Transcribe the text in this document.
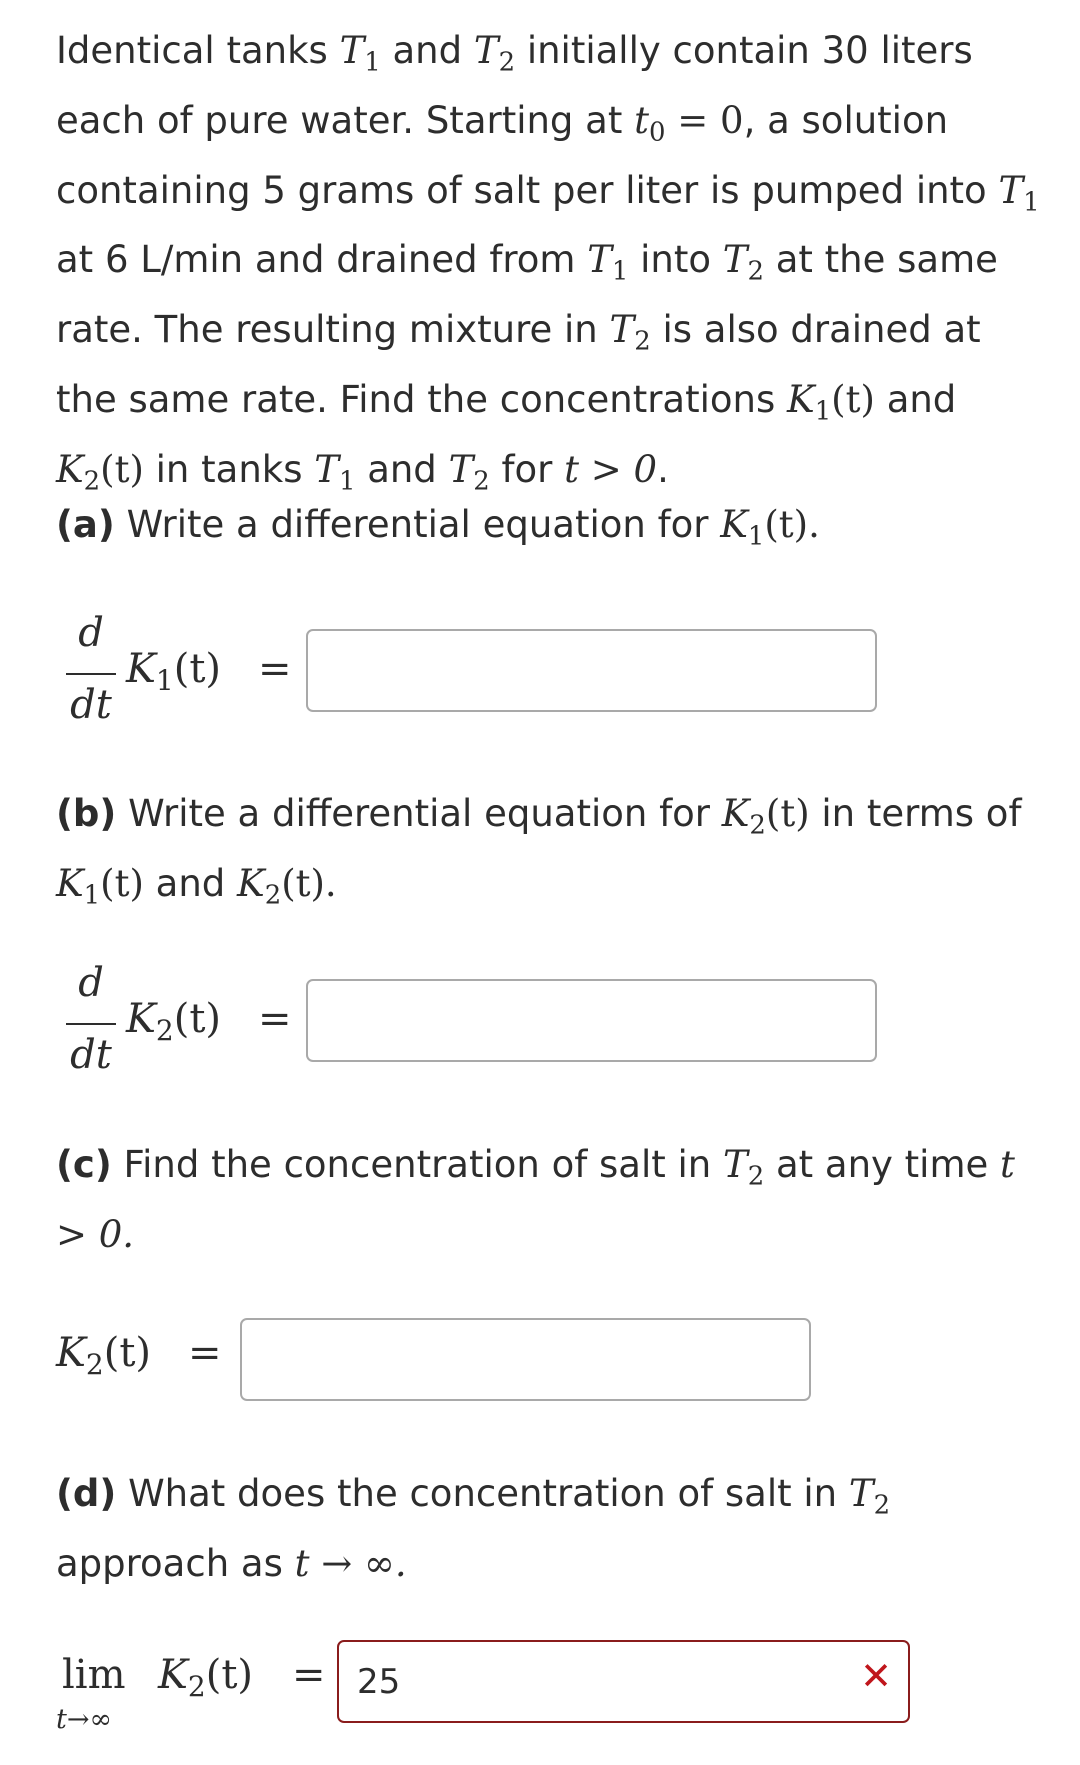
Identical tanks $T_1$ and $T_2$ initially contain 30 liters each of pure water. Starting at $t_0 = 0$, a solution containing 5 grams of salt per liter is pumped into $T_1$ at 6 L/min and drained from $T_1$ into $T_2$ at the same rate. The resulting mixture in $T_2$ is also drained at the same rate. Find the concentrations $K_1(t)$ and $K_2(t)$ in tanks $T_1$ and $T_2$ for t > 0.
(a) Write a differential equation for $K_1(t)$.
d
dt
$K_1(t)$ =
(b) Write a differential equation for $K_2(t)$ in terms of $K_1(t)$ and $K_2(t)$.
d
dt
$K_2(t)$ =
(c) Find the concentration of salt in $T_2$ at any time t > 0.
$K_2(t)$ =
(d) What does the concentration of salt in $T_2$
approach as t → ∞.
lim
t→∞
$K_2(t) = 25$	✕
